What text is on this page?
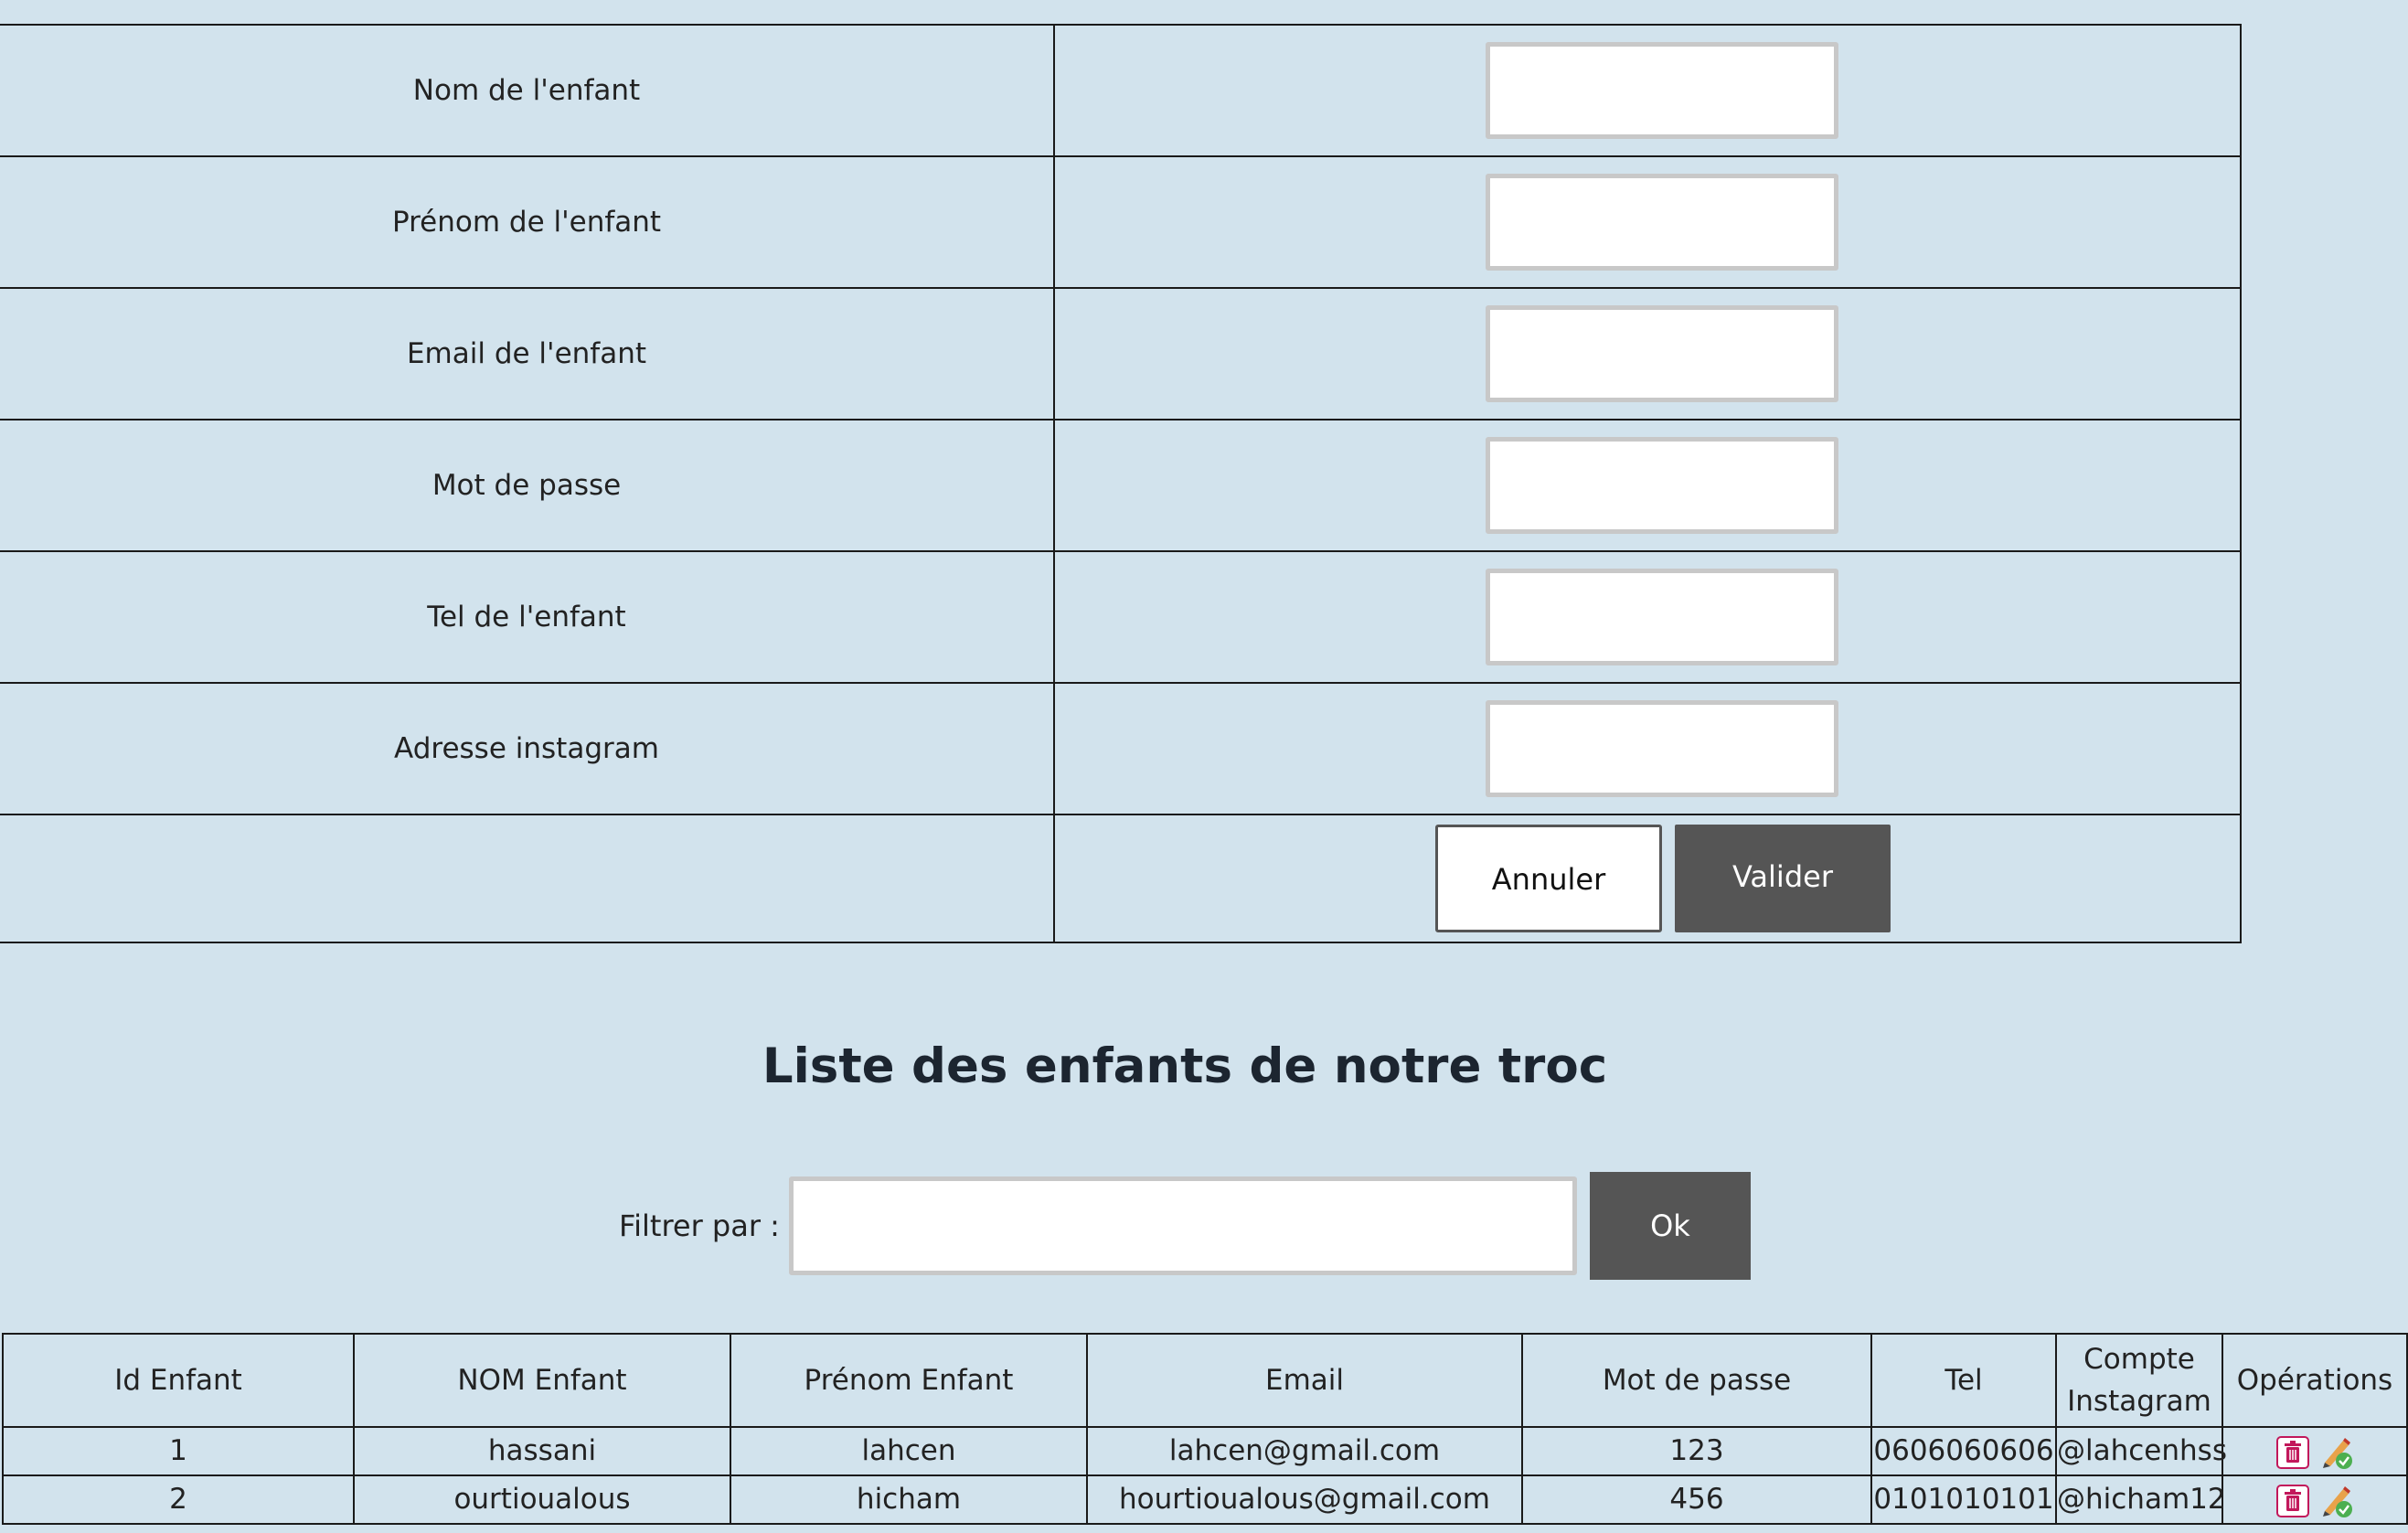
Nom de l'enfant	
Prénom de l'enfant	
Email de l'enfant	
Mot de passe	
Tel de l'enfant	
Adresse instagram	
	Annuler Valider
Liste des enfants de notre troc
Filtrer par :	Ok
Id Enfant	NOM Enfant	Prénom Enfant	Email	Mot de passe	Tel	Compte Instagram	Opérations
1	hassani	lahcen	lahcen@gmail.com	123	0606060606	@lahcenhss	
2	ourtioualous	hicham	hourtioualous@gmail.com	456	0101010101	@hicham12	
